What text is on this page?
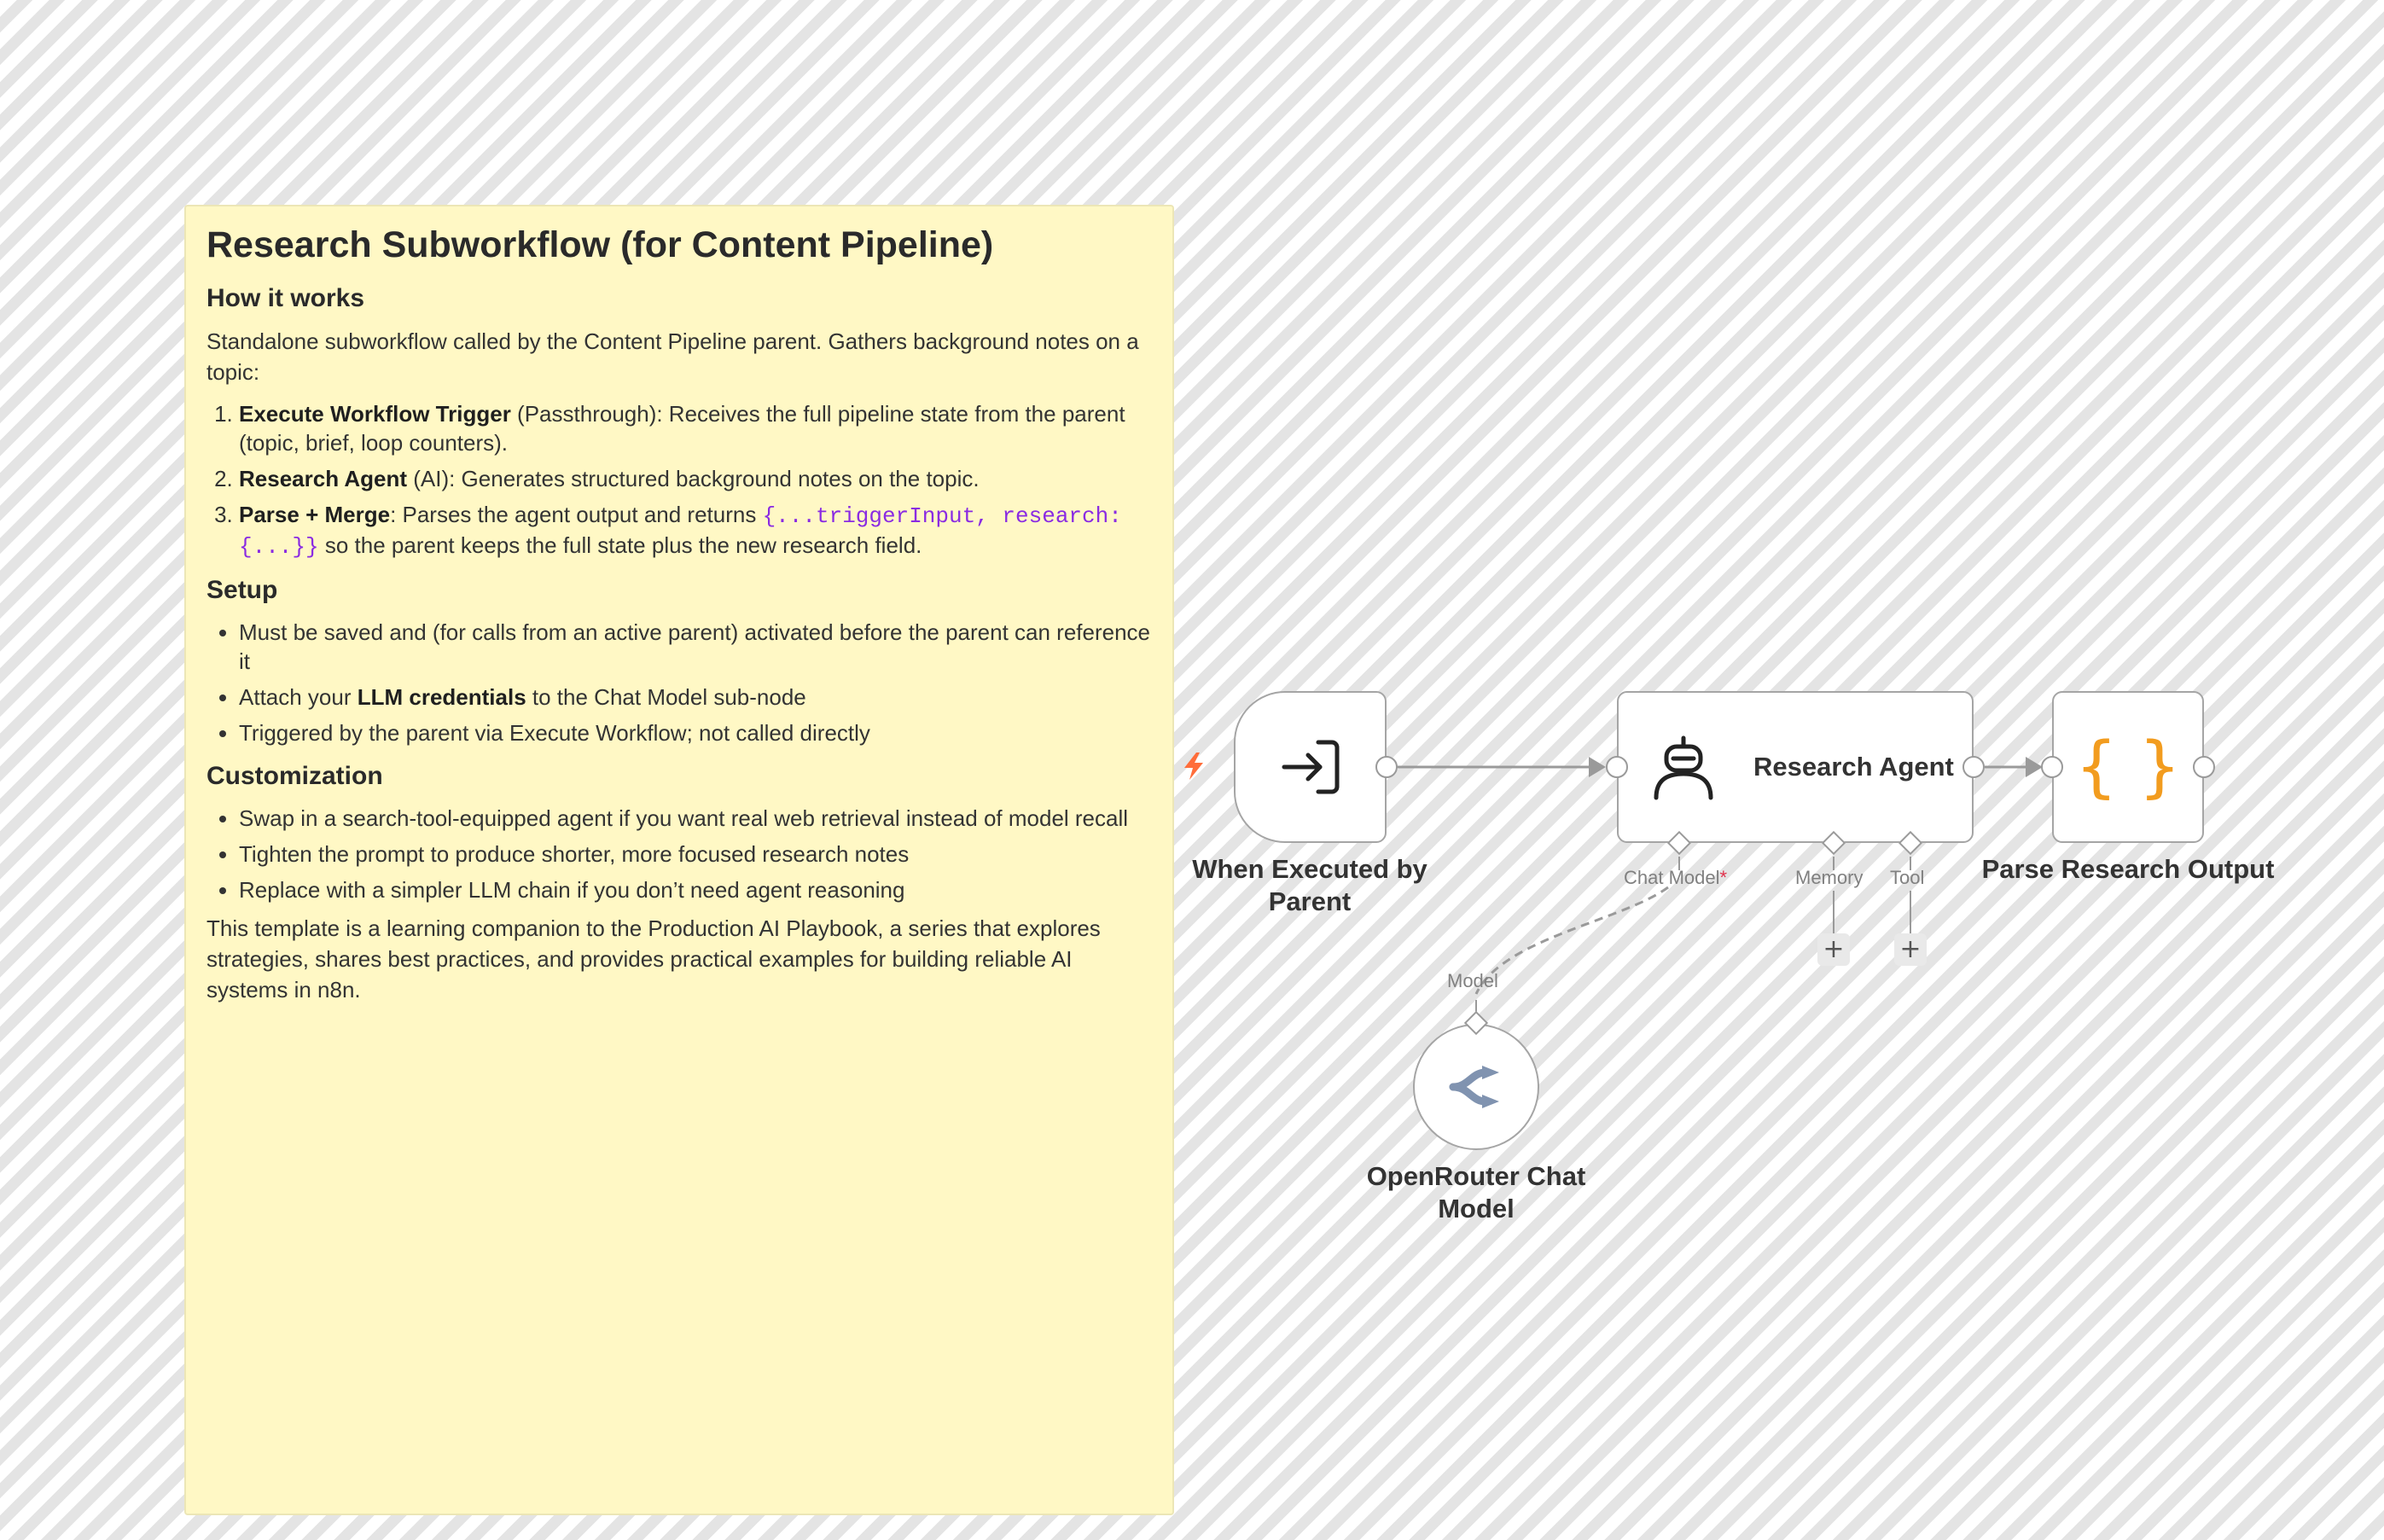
Research Subworkflow (for Content Pipeline)
How it works

Standalone subworkflow called by the Content Pipeline parent. Gathers background notes on a topic:

1. Execute Workflow Trigger (Passthrough): Receives the full pipeline state from the parent (topic, brief, loop counters).
2. Research Agent (AI): Generates structured background notes on the topic.
3. Parse + Merge: Parses the agent output and returns {...triggerInput, research: {...}} so the parent keeps the full state plus the new research field.
Setup
• Must be saved and (for calls from an active parent) activated before the parent can reference it
• Attach your LLM credentials to the Chat Model sub-node
• Triggered by the parent via Execute Workflow; not called directly
Customization
• Swap in a search-tool-equipped agent if you want real web retrieval instead of model recall
• Tighten the prompt to produce shorter, more focused research notes
• Replace with a simpler LLM chain if you don’t need agent reasoning

This template is a learning companion to the Production AI Playbook, a series that explores strategies, shares best practices, and provides practical examples for building reliable AI systems in n8n.

When Executed by Parent
Research Agent
Chat Model*	Memory Tool
+ +
{ }
Parse Research Output
Model
OpenRouter Chat Model
